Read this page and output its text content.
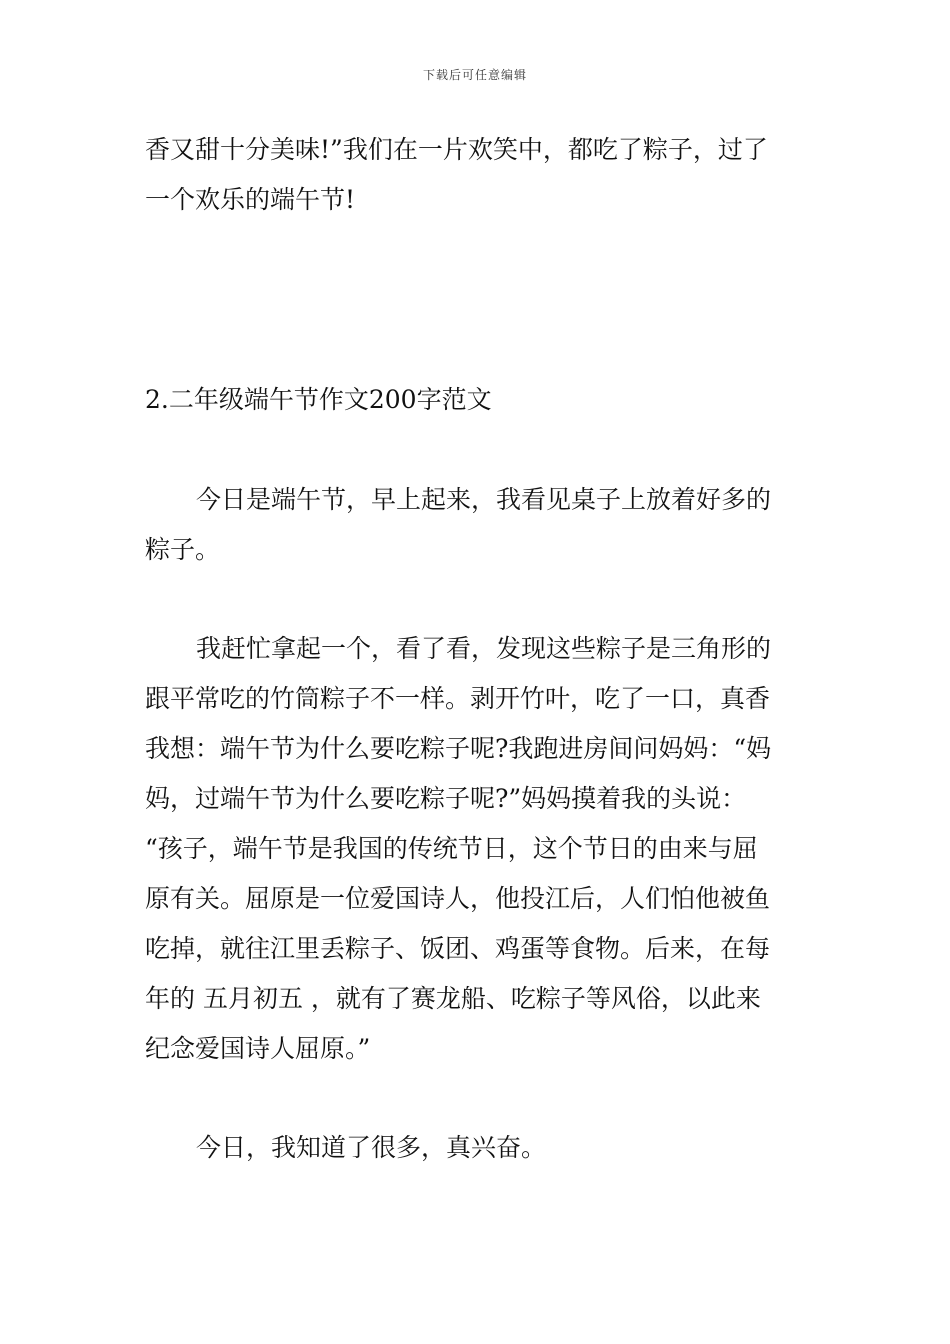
下载后可任意编辑
香又甜十分美味!”我们在一片欢笑中，都吃了粽子，过了
一个欢乐的端午节!
2.二年级端午节作文200字范文
今日是端午节，早上起来，我看见桌子上放着好多的
粽子。
我赶忙拿起一个，看了看，发现这些粽子是三角形的
跟平常吃的竹筒粽子不一样。剥开竹叶，吃了一口，真香
我想：端午节为什么要吃粽子呢?我跑进房间问妈妈：“妈
妈，过端午节为什么要吃粽子呢?”妈妈摸着我的头说：
“孩子，端午节是我国的传统节日，这个节日的由来与屈
原有关。屈原是一位爱国诗人，他投江后，人们怕他被鱼
吃掉，就往江里丢粽子、饭团、鸡蛋等食物。后来，在每
年的 五月初五 ，就有了赛龙船、吃粽子等风俗，以此来
纪念爱国诗人屈原。”
今日，我知道了很多，真兴奋。
